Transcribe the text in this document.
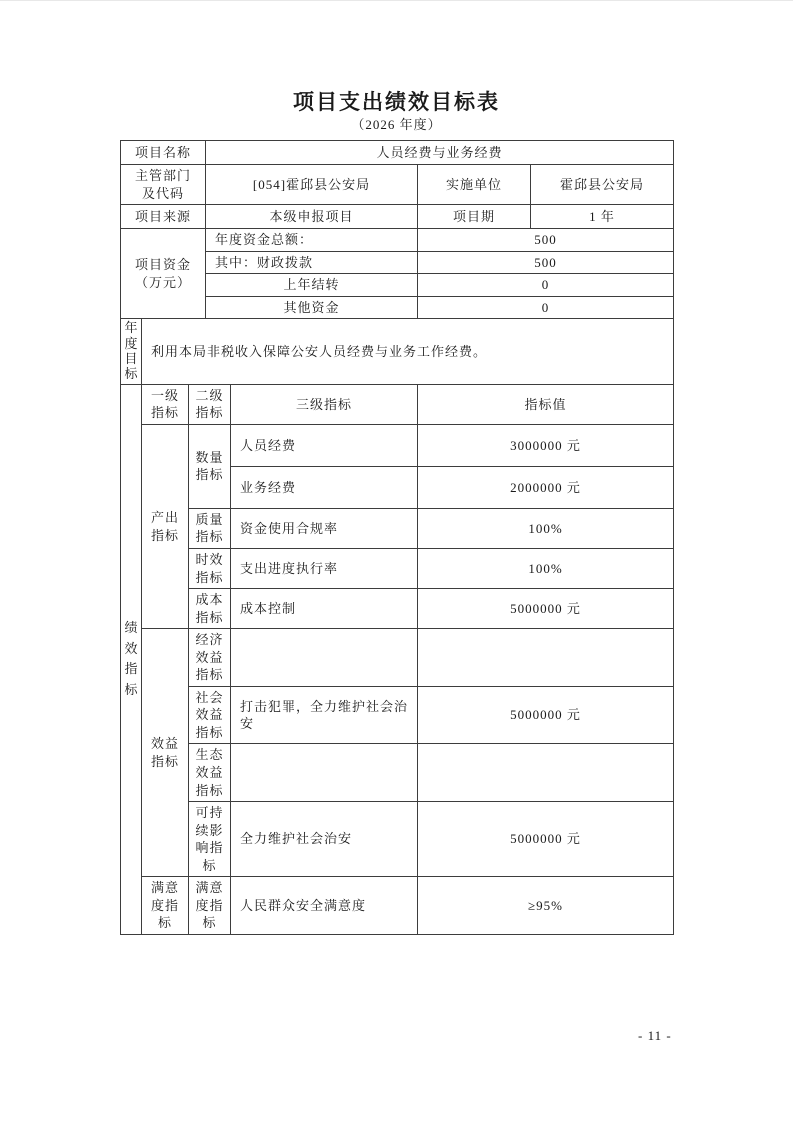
项目支出绩效目标表
（2026 年度）
项目名称	人员经费与业务经费		
主管部门及代码	[054]霍邱县公安局	实施单位	霍邱县公安局
项目来源	本级申报项目	项目期	1 年
项目资金（万元）	年度资金总额：	500	
	其中：财政拨款	500	
	上年结转	0	
	其他资金	0	
年度目标	利用本局非税收入保障公安人员经费与业务工作经费。
绩效指标	一级指标	二级指标	三级指标	指标值
	产出指标	数量指标	人员经费	3000000 元
			业务经费	2000000 元
		质量指标	资金使用合规率	100%
		时效指标	支出进度执行率	100%
		成本指标	成本控制	5000000 元
	效益指标	经济效益指标		
		社会效益指标	打击犯罪，全力维护社会治安	5000000 元
		生态效益指标		
		可持续影响指标	全力维护社会治安	5000000 元
	满意度指标	满意度指标	人民群众安全满意度	≥95%
- 11 -
